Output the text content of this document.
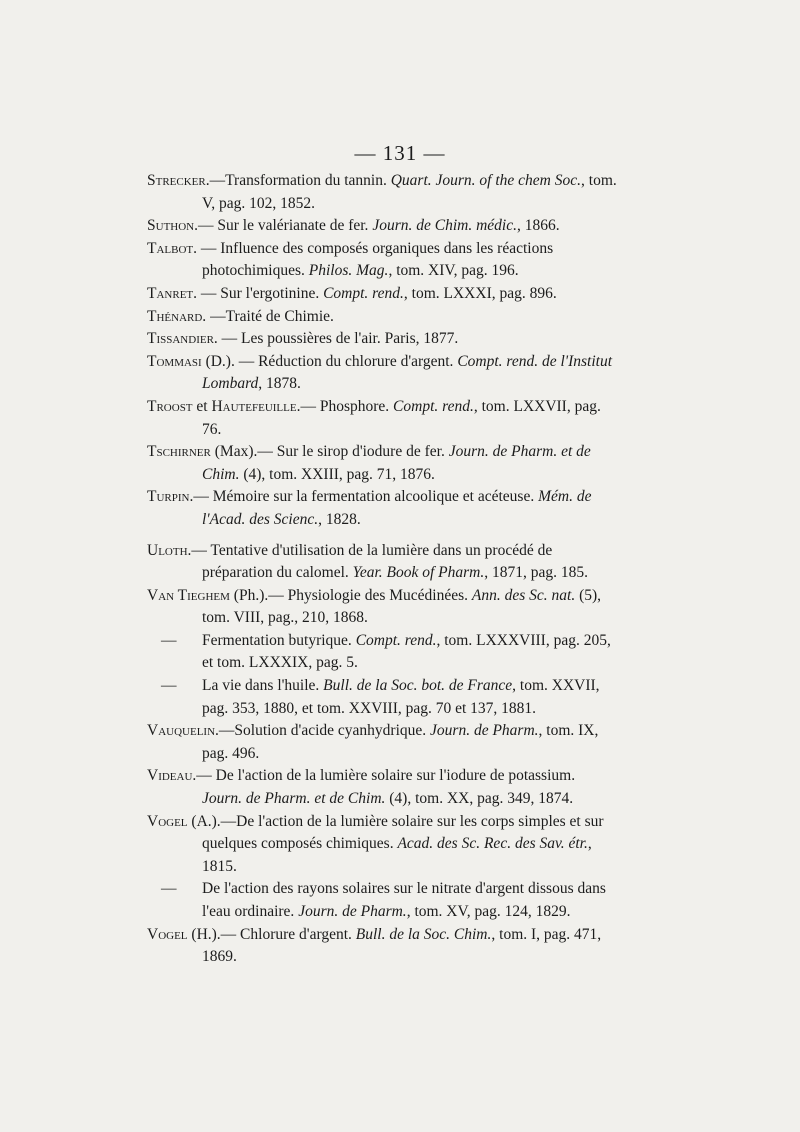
— 131 —

Strecker.—Transformation du tannin. Quart. Journ. of the chem Soc., tom. V, pag. 102, 1852.

Suthon.— Sur le valérianate de fer. Journ. de Chim. médic., 1866.

Talbot. — Influence des composés organiques dans les réactions photochimiques. Philos. Mag., tom. XIV, pag. 196.

Tanret. — Sur l'ergotinine. Compt. rend., tom. LXXXI, pag. 896.

Thénard. —Traité de Chimie.

Tissandier. — Les poussières de l'air. Paris, 1877.

Tommasi (D.). — Réduction du chlorure d'argent. Compt. rend. de l'Institut Lombard, 1878.

Troost et Hautefeuille.— Phosphore. Compt. rend., tom. LXXVII, pag. 76.

Tschirner (Max).— Sur le sirop d'iodure de fer. Journ. de Pharm. et de Chim. (4), tom. XXIII, pag. 71, 1876.

Turpin.— Mémoire sur la fermentation alcoolique et acéteuse. Mém. de l'Acad. des Scienc., 1828.

Uloth.— Tentative d'utilisation de la lumière dans un procédé de préparation du calomel. Year. Book of Pharm., 1871, pag. 185.

Van Tieghem (Ph.).— Physiologie des Mucédinées. Ann. des Sc. nat. (5), tom. VIII, pag., 210, 1868.

— Fermentation butyrique. Compt. rend., tom. LXXXVIII, pag. 205, et tom. LXXXIX, pag. 5.

— La vie dans l'huile. Bull. de la Soc. bot. de France, tom. XXVII, pag. 353, 1880, et tom. XXVIII, pag. 70 et 137, 1881.

Vauquelin.—Solution d'acide cyanhydrique. Journ. de Pharm., tom. IX, pag. 496.

Videau.— De l'action de la lumière solaire sur l'iodure de potassium. Journ. de Pharm. et de Chim. (4), tom. XX, pag. 349, 1874.

Vogel (A.).—De l'action de la lumière solaire sur les corps simples et sur quelques composés chimiques. Acad. des Sc. Rec. des Sav. étr., 1815.

— De l'action des rayons solaires sur le nitrate d'argent dissous dans l'eau ordinaire. Journ. de Pharm., tom. XV, pag. 124, 1829.

Vogel (H.).— Chlorure d'argent. Bull. de la Soc. Chim., tom. I, pag. 471, 1869.
